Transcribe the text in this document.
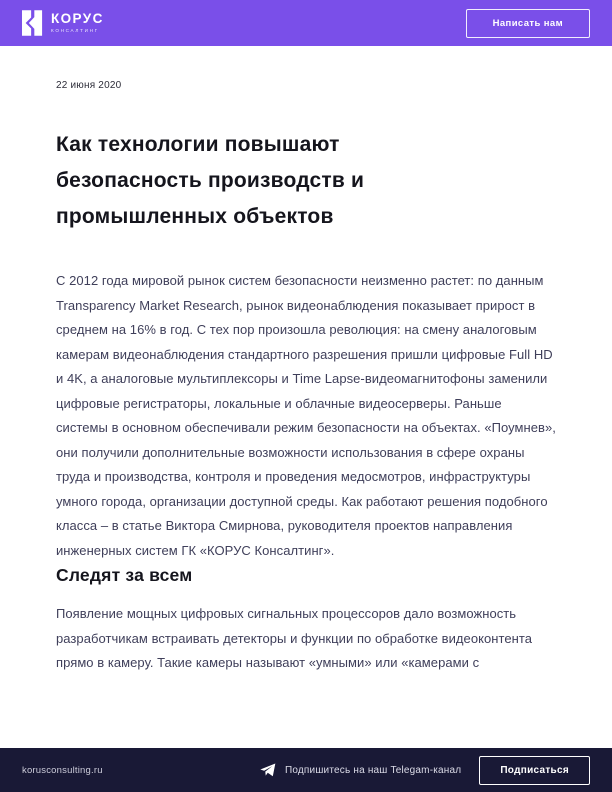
КОРУС
КОНСАЛТИНГ
Написать нам
22 июня 2020
Как технологии повышают безопасность производств и промышленных объектов

С 2012 года мировой рынок систем безопасности неизменно растет: по данным Transparency Market Research, рынок видеонаблюдения показывает прирост в среднем на 16% в год. С тех пор произошла революция: на смену аналоговым камерам видеонаблюдения стандартного разрешения пришли цифровые Full HD и 4K, а аналоговые мультиплексоры и Time Lapse-видеомагнитофоны заменили цифровые регистраторы, локальные и облачные видеосерверы. Раньше системы в основном обеспечивали режим безопасности на объектах. «Поумнев», они получили дополнительные возможности использования в сфере охраны труда и производства, контроля и проведения медосмотров, инфраструктуры умного города, организации доступной среды. Как работают решения подобного класса – в статье Виктора Смирнова, руководителя проектов направления инженерных систем ГК «КОРУС Консалтинг».

Следят за всем

Появление мощных цифровых сигнальных процессоров дало возможность разработчикам встраивать детекторы и функции по обработке видеоконтента прямо в камеру. Такие камеры называют «умными» или «камерами с

korusconsulting.ru	Подпишитесь на наш Telegam-канал	Подписаться
